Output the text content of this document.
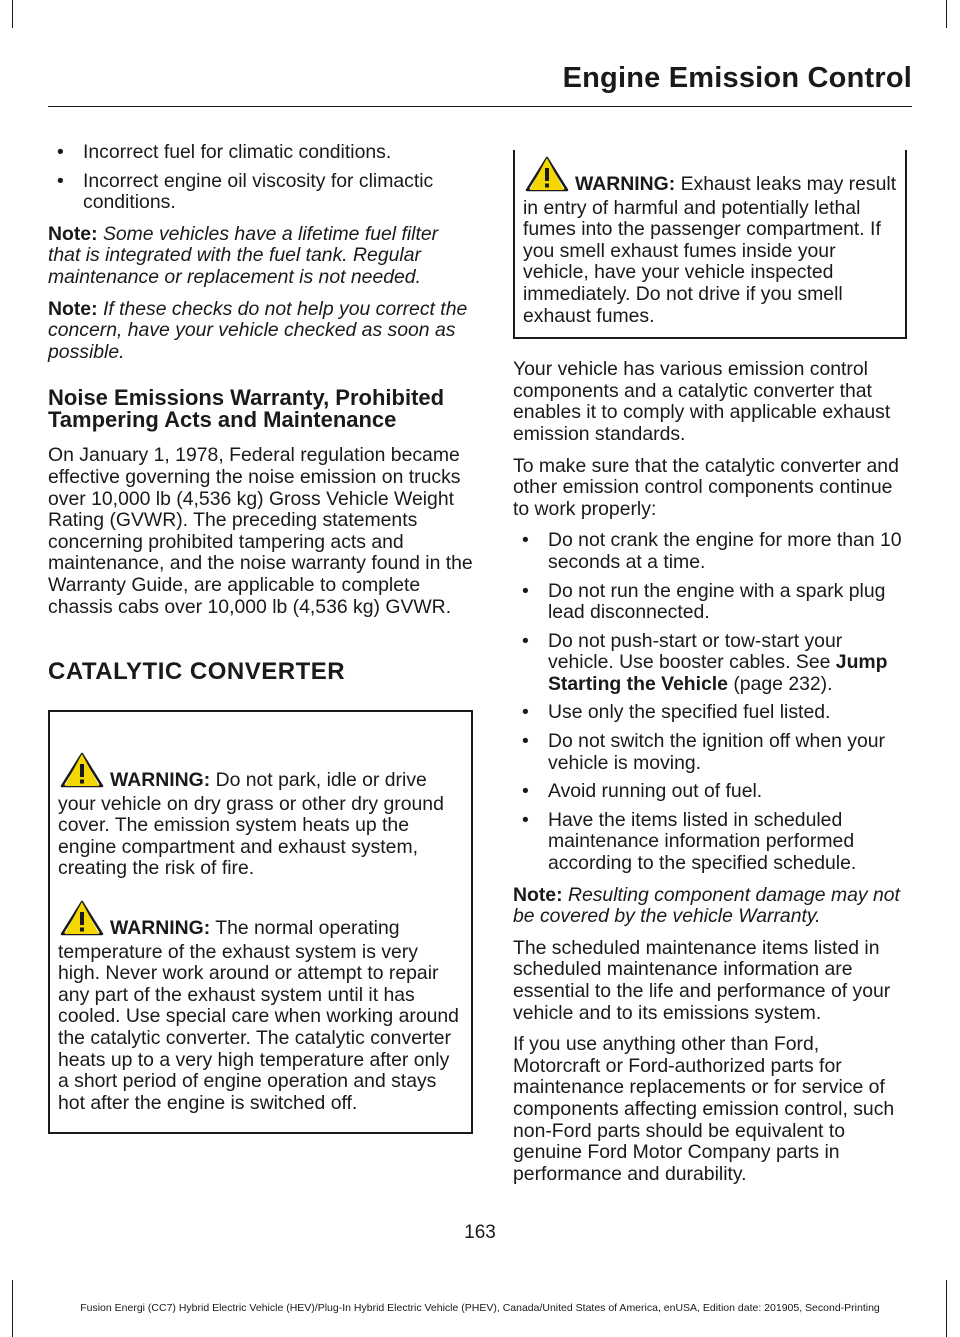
Engine Emission Control
• Incorrect fuel for climatic conditions.
• Incorrect engine oil viscosity for climactic conditions.

Note: Some vehicles have a lifetime fuel filter that is integrated with the fuel tank. Regular maintenance or replacement is not needed.

Note: If these checks do not help you correct the concern, have your vehicle checked as soon as possible.

Noise Emissions Warranty, Prohibited Tampering Acts and Maintenance

On January 1, 1978, Federal regulation became effective governing the noise emission on trucks over 10,000 lb (4,536 kg) Gross Vehicle Weight Rating (GVWR). The preceding statements concerning prohibited tampering acts and maintenance, and the noise warranty found in the Warranty Guide, are applicable to complete chassis cabs over 10,000 lb (4,536 kg) GVWR.

CATALYTIC CONVERTER
WARNING: Do not park, idle or drive your vehicle on dry grass or other dry ground cover. The emission system heats up the engine compartment and exhaust system, creating the risk of fire.
WARNING: The normal operating temperature of the exhaust system is very high. Never work around or attempt to repair any part of the exhaust system until it has cooled. Use special care when working around the catalytic converter. The catalytic converter heats up to a very high temperature after only a short period of engine operation and stays hot after the engine is switched off.
WARNING: Exhaust leaks may result in entry of harmful and potentially lethal fumes into the passenger compartment. If you smell exhaust fumes inside your vehicle, have your vehicle inspected immediately. Do not drive if you smell exhaust fumes.

Your vehicle has various emission control components and a catalytic converter that enables it to comply with applicable exhaust emission standards.

To make sure that the catalytic converter and other emission control components continue to work properly:

• Do not crank the engine for more than 10 seconds at a time.
• Do not run the engine with a spark plug lead disconnected.
• Do not push-start or tow-start your vehicle. Use booster cables. See Jump Starting the Vehicle (page 232).
• Use only the specified fuel listed.
• Do not switch the ignition off when your vehicle is moving.
• Avoid running out of fuel.
• Have the items listed in scheduled maintenance information performed according to the specified schedule.

Note: Resulting component damage may not be covered by the vehicle Warranty.

The scheduled maintenance items listed in scheduled maintenance information are essential to the life and performance of your vehicle and to its emissions system.

If you use anything other than Ford, Motorcraft or Ford-authorized parts for maintenance replacements or for service of components affecting emission control, such non-Ford parts should be equivalent to genuine Ford Motor Company parts in performance and durability.

163
Fusion Energi (CC7) Hybrid Electric Vehicle (HEV)/Plug-In Hybrid Electric Vehicle (PHEV), Canada/United States of America, enUSA, Edition date: 201905, Second-Printing
